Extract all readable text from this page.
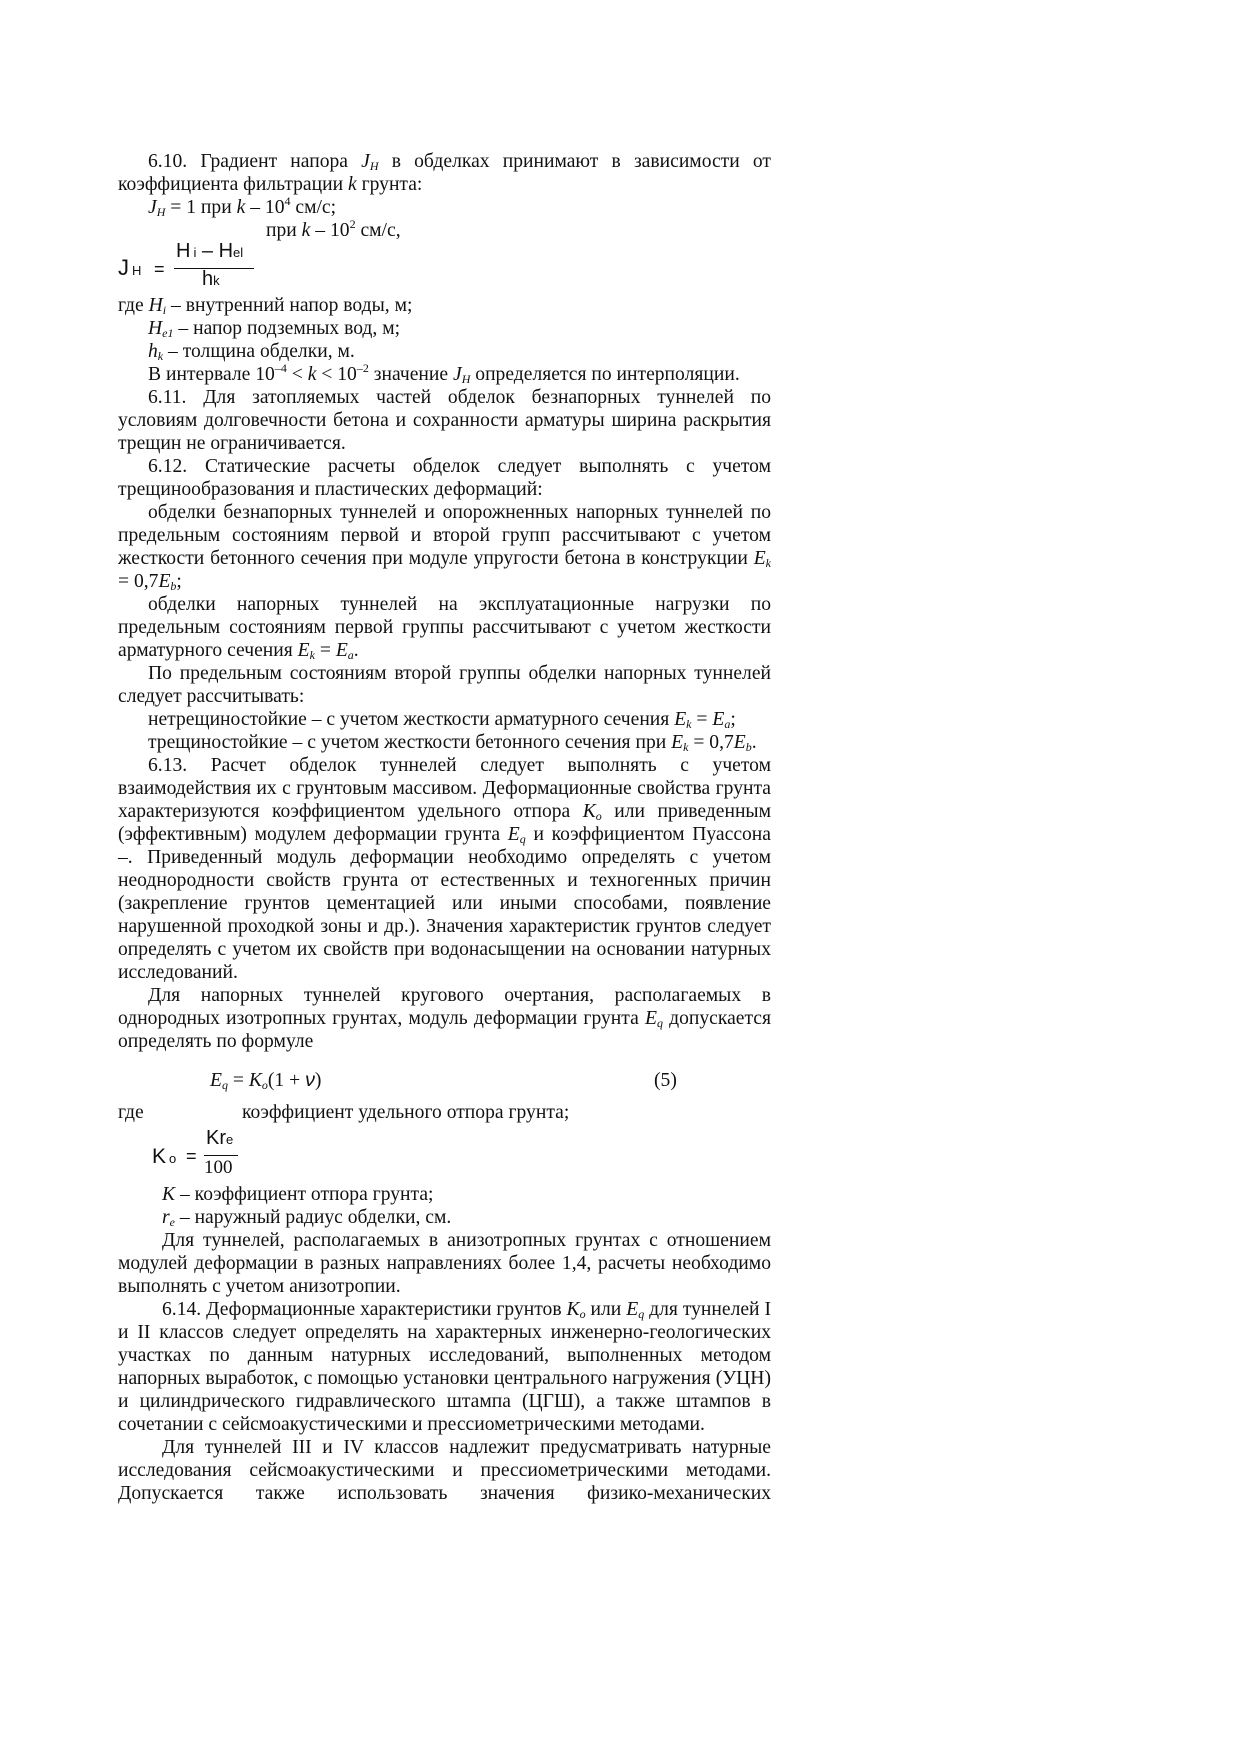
6.10. Градиент напора $J_H$ в обделках принимают в зависимости от коэффициента фильтрации k грунта:

$J_H = 1$ при k – $10^4$ см/с;

при k – $10^2$ см/с,

J H =
Hi – Hel
hk

где $H_i$ – внутренний напор воды, м;

$H_{e1}$ – напор подземных вод, м;

$h_k$ – толщина обделки, м.

В интервале $10^{-4} < k < 10^{-2}$ значение $J_H$ определяется по интерполяции.

6.11. Для затопляемых частей обделок безнапорных туннелей по условиям долговечности бетона и сохранности арматуры ширина раскрытия трещин не ограничивается.

6.12. Статические расчеты обделок следует выполнять с учетом трещинообразования и пластических деформаций:

обделки безнапорных туннелей и опорожненных напорных туннелей по предельным состояниям первой и второй групп рассчитывают с учетом жесткости бетонного сечения при модуле упругости бетона в конструкции $E_k = 0,7E_b$;

обделки напорных туннелей на эксплуатационные нагрузки по предельным состояниям первой группы рассчитывают с учетом жесткости арматурного сечения $E_k = E_a$.

По предельным состояниям второй группы обделки напорных туннелей следует рассчитывать:

нетрещиностойкие – с учетом жесткости арматурного сечения $E_k = E_a$;

трещиностойкие – с учетом жесткости бетонного сечения при $E_k = 0,7E_b$.

6.13. Расчет обделок туннелей следует выполнять с учетом взаимодействия их с грунтовым массивом. Деформационные свойства грунта характеризуются коэффициентом удельного отпора $K_o$ или приведенным (эффективным) модулем деформации грунта $E_q$ и коэффициентом Пуассона –. Приведенный модуль деформации необходимо определять с учетом неоднородности свойств грунта от естественных и техногенных причин (закрепление грунтов цементацией или иными способами, появление нарушенной проходкой зоны и др.). Значения характеристик грунтов следует определять с учетом их свойств при водонасыщении на основании натурных исследований.

Для напорных туннелей кругового очертания, располагаемых в однородных изотропных грунтах, модуль деформации грунта $E_q$ допускается определять по формуле

$E_q = K_o(1 + \nu)$	(5)
где	коэффициент удельного отпора грунта;
Ko =
Kre
100

K – коэффициент отпора грунта;

$r_e$ – наружный радиус обделки, см.

Для туннелей, располагаемых в анизотропных грунтах с отношением модулей деформации в разных направлениях более 1,4, расчеты необходимо выполнять с учетом анизотропии.

6.14. Деформационные характеристики грунтов $K_o$ или $E_q$ для туннелей I и II классов следует определять на характерных инженерно-геологических участках по данным натурных исследований, выполненных методом напорных выработок, с помощью установки центрального нагружения (УЦН) и цилиндрического гидравлического штампа (ЦГШ), а также штампов в сочетании с сейсмоакустическими и прессиометрическими методами.

Для туннелей III и IV классов надлежит предусматривать натурные исследования сейсмоакустическими и прессиометрическими методами. Допускается также использовать значения физико-механических
